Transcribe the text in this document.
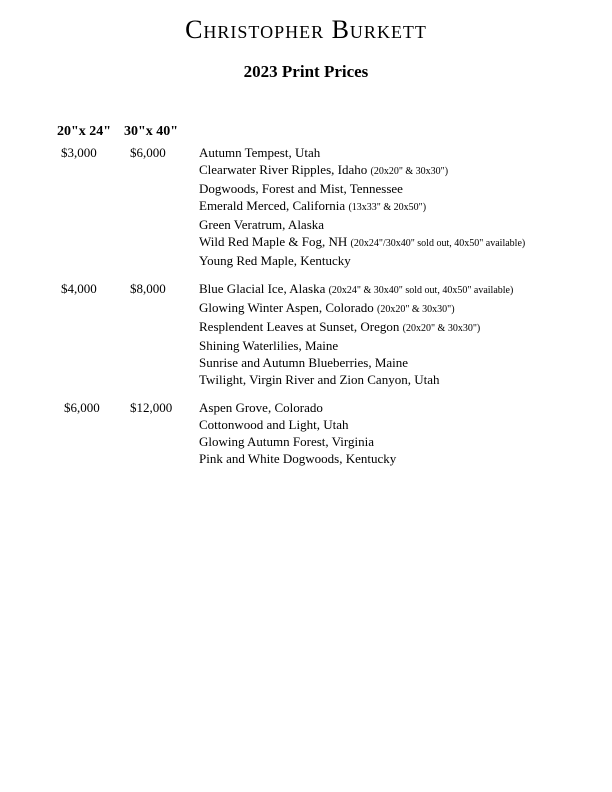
Christopher Burkett
2023 Print Prices
20"x 24" 30"x 40"
$3,000	$6,000	Autumn Tempest, Utah
Clearwater River Ripples, Idaho (20x20" & 30x30")
Dogwoods, Forest and Mist, Tennessee
Emerald Merced, California (13x33" & 20x50")
Green Veratrum, Alaska
Wild Red Maple & Fog, NH (20x24"/30x40" sold out, 40x50" available)
Young Red Maple, Kentucky
$4,000	$8,000	Blue Glacial Ice, Alaska (20x24" & 30x40" sold out, 40x50" available)
Glowing Winter Aspen, Colorado (20x20" & 30x30")
Resplendent Leaves at Sunset, Oregon (20x20" & 30x30")
Shining Waterlilies, Maine
Sunrise and Autumn Blueberries, Maine
Twilight, Virgin River and Zion Canyon, Utah
$6,000 $12,000 Aspen Grove, Colorado
Cottonwood and Light, Utah
Glowing Autumn Forest, Virginia
Pink and White Dogwoods, Kentucky
